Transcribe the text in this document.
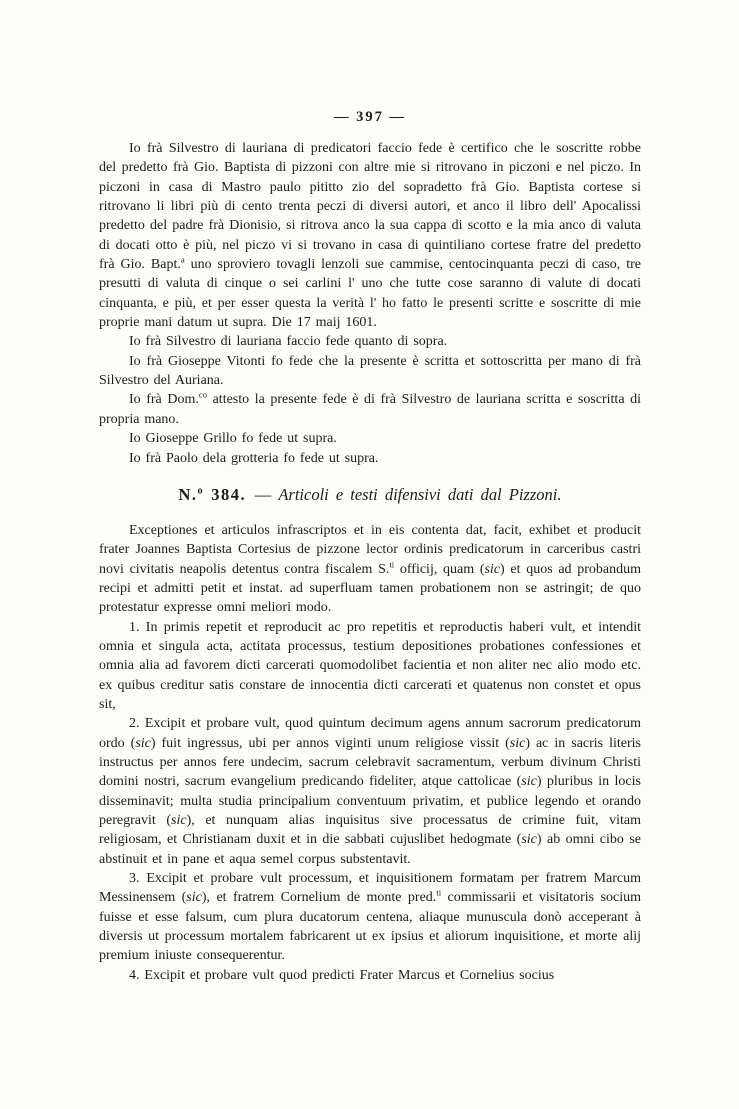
— 397 —

Io frà Silvestro di lauriana di predicatori faccio fede è certifico che le soscritte robbe del predetto frà Gio. Baptista di pizzoni con altre mie si ritrovano in piczoni e nel piczo. In piczoni in casa di Mastro paulo pititto zio del sopradetto frà Gio. Baptista cortese si ritrovano li libri più di cento trenta peczi di diversi autori, et anco il libro dell' Apocalissi predetto del padre frà Dionisio, si ritrova anco la sua cappa di scotto e la mia anco di valuta di docati otto è più, nel piczo vi si trovano in casa di quintiliano cortese fratre del predetto frà Gio. Bapt.$^a$ uno sproviero tovagli lenzoli sue cammise, centocinquanta peczi di caso, tre presutti di valuta di cinque o sei carlini l' uno che tutte cose saranno di valute di docati cinquanta, e più, et per esser questa la verità l' ho fatto le presenti scritte e soscritte di mie proprie mani datum ut supra. Die 17 maij 1601.

Io frà Silvestro di lauriana faccio fede quanto di sopra.

Io frà Gioseppe Vitonti fo fede che la presente è scritta et sottoscritta per mano di frà Silvestro del Auriana.

Io frà Dom.$^{co}$ attesto la presente fede è di frà Silvestro de lauriana scritta e soscritta di propria mano.

Io Gioseppe Grillo fo fede ut supra.

Io frà Paolo dela grotteria fo fede ut supra.

N.$^o$ 384. — Articoli e testi difensivi dati dal Pizzoni.

Exceptiones et articulos infrascriptos et in eis contenta dat, facit, exhibet et producit frater Joannes Baptista Cortesius de pizzone lector ordinis predicatorum in carceribus castri novi civitatis neapolis detentus contra fiscalem S.$^{ti}$ officij, quam (sic) et quos ad probandum recipi et admitti petit et instat. ad superfluam tamen probationem non se astringit; de quo protestatur expresse omni meliori modo.

1. In primis repetit et reproducit ac pro repetitis et reproductis haberi vult, et intendit omnia et singula acta, actitata processus, testium depositiones probationes confessiones et omnia alia ad favorem dicti carcerati quomodolibet facientia et non aliter nec alio modo etc. ex quibus creditur satis constare de innocentia dicti carcerati et quatenus non constet et opus sit,

2. Excipit et probare vult, quod quintum decimum agens annum sacrorum predicatorum ordo (sic) fuit ingressus, ubi per annos viginti unum religiose vissit (sic) ac in sacris literis instructus per annos fere undecim, sacrum celebravit sacramentum, verbum divinum Christi domini nostri, sacrum evangelium predicando fideliter, atque cattolicae (sic) pluribus in locis disseminavit; multa studia principalium conventuum privatim, et publice legendo et orando peregravit (sic), et nunquam alias inquisitus sive processatus de crimine fuit, vitam religiosam, et Christianam duxit et in die sabbati cujuslibet hedogmate (sic) ab omni cibo se abstinuit et in pane et aqua semel corpus substentavit.

3. Excipit et probare vult processum, et inquisitionem formatam per fratrem Marcum Messinensem (sic), et fratrem Cornelium de monte pred.$^{ti}$ commissarii et visitatoris socium fuisse et esse falsum, cum plura ducatorum centena, aliaque munuscula donò acceperant à diversis ut processum mortalem fabricarent ut ex ipsius et aliorum inquisitione, et morte alij premium iniuste consequerentur.

4. Excipit et probare vult quod predicti Frater Marcus et Cornelius socius
